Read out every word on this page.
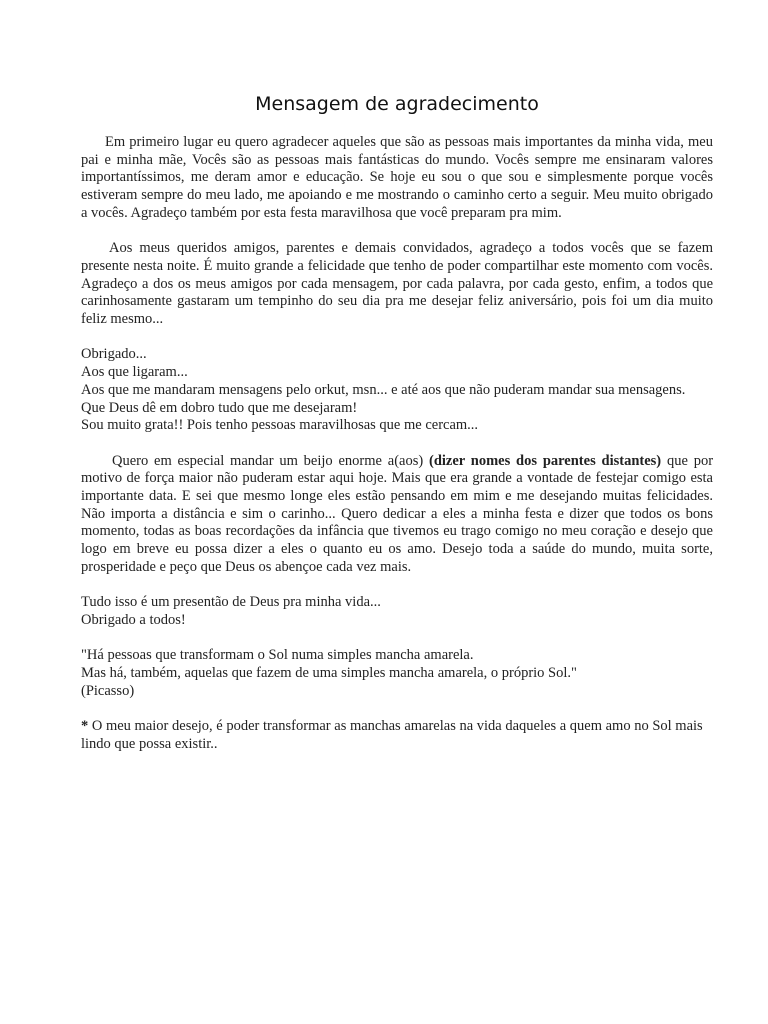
Mensagem de agradecimento

Em primeiro lugar eu quero agradecer aqueles que são as pessoas mais importantes da minha vida, meu pai e minha mãe, Vocês são as pessoas mais fantásticas do mundo. Vocês sempre me ensinaram valores importantíssimos, me deram amor e educação. Se hoje eu sou o que sou e simplesmente porque vocês estiveram sempre do meu lado, me apoiando e me mostrando o caminho certo a seguir. Meu muito obrigado a vocês. Agradeço também por esta festa maravilhosa que você preparam pra mim.

Aos meus queridos amigos, parentes e demais convidados, agradeço a todos vocês que se fazem presente nesta noite. É muito grande a felicidade que tenho de poder compartilhar este momento com vocês. Agradeço a dos os meus amigos por cada mensagem, por cada palavra, por cada gesto, enfim, a todos que carinhosamente gastaram um tempinho do seu dia pra me desejar feliz aniversário, pois foi um dia muito feliz mesmo...

Obrigado...
Aos que ligaram...
Aos que me mandaram mensagens pelo orkut, msn... e até aos que não puderam mandar sua mensagens.
Que Deus dê em dobro tudo que me desejaram!
Sou muito grata!! Pois tenho pessoas maravilhosas que me cercam...

Quero em especial mandar um beijo enorme a(aos) (dizer nomes dos parentes distantes) que por motivo de força maior não puderam estar aqui hoje. Mais que era grande a vontade de festejar comigo esta importante data. E sei que mesmo longe eles estão pensando em mim e me desejando muitas felicidades. Não importa a distância e sim o carinho... Quero dedicar a eles a minha festa e dizer que todos os bons momento, todas as boas recordações da infância que tivemos eu trago comigo no meu coração e desejo que logo em breve eu possa dizer a eles o quanto eu os amo. Desejo toda a saúde do mundo, muita sorte, prosperidade e peço que Deus os abençoe cada vez mais.

Tudo isso é um presentão de Deus pra minha vida...
Obrigado a todos!

"Há pessoas que transformam o Sol numa simples mancha amarela.
Mas há, também, aquelas que fazem de uma simples mancha amarela, o próprio Sol."
(Picasso)

* O meu maior desejo, é poder transformar as manchas amarelas na vida daqueles a quem amo no Sol mais lindo que possa existir..
